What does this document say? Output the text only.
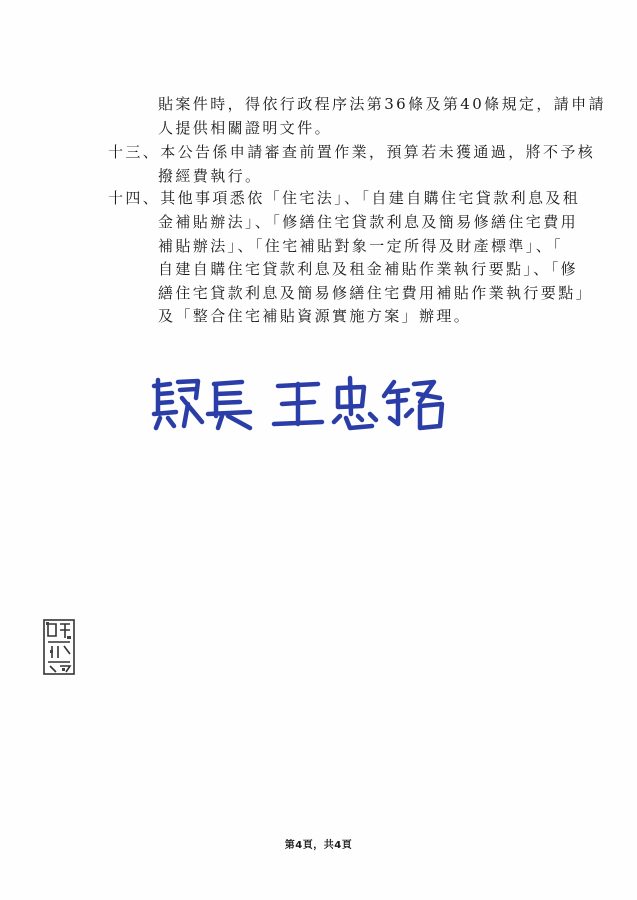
貼案件時，得依行政程序法第36條及第40條規定，請申請
人提供相關證明文件。
十三、本公告係申請審查前置作業，預算若未獲通過，將不予核
撥經費執行。
十四、其他事項悉依「住宅法」、「自建自購住宅貸款利息及租
金補貼辦法」、「修繕住宅貸款利息及簡易修繕住宅費用
補貼辦法」、「住宅補貼對象一定所得及財產標準」、「
自建自購住宅貸款利息及租金補貼作業執行要點」、「修
繕住宅貸款利息及簡易修繕住宅費用補貼作業執行要點」
及「整合住宅補貼資源實施方案」辦理。
第4頁，共4頁
